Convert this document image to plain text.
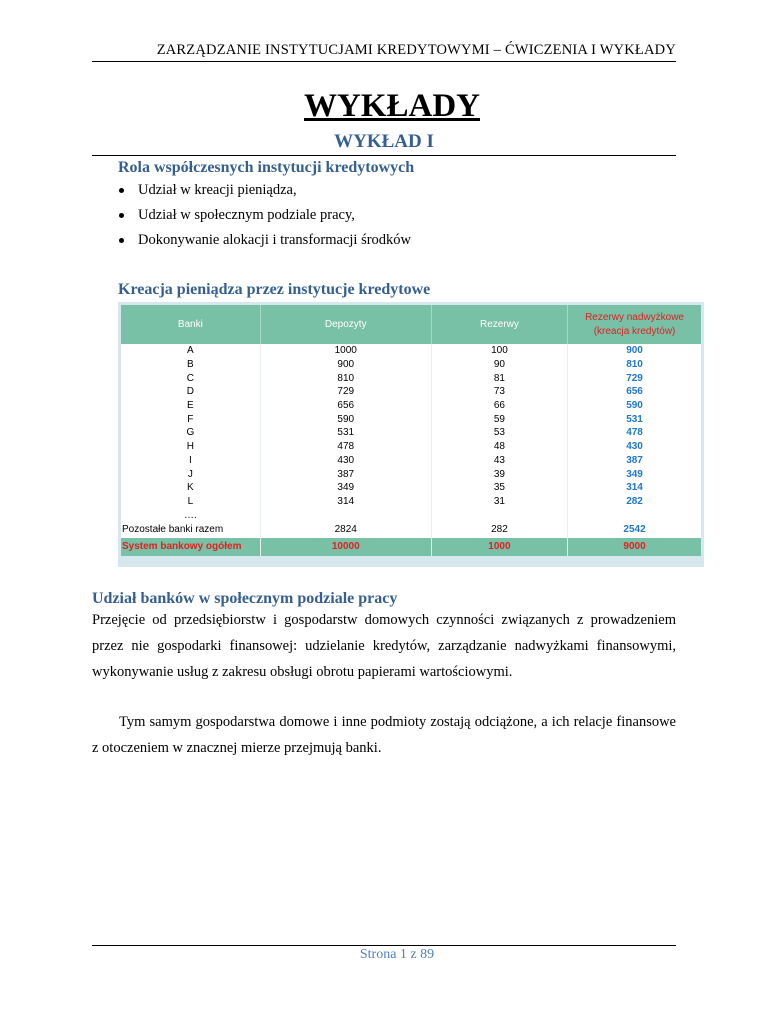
ZARZĄDZANIE INSTYTUCJAMI KREDYTOWYMI – ĆWICZENIA I WYKŁADY
WYKŁADY
WYKŁAD I
Rola współczesnych instytucji kredytowych
Udział w kreacji pieniądza,
Udział w społecznym podziale pracy,
Dokonywanie alokacji i transformacji środków
Kreacja pieniądza przez instytucje kredytowe
Banki	Depozyty	Rezerwy	Rezerwy nadwyżkowe
(kreacja kredytów)
A	1000	100	900
B	900	90	810
C	810	81	729
D	729	73	656
E	656	66	590
F	590	59	531
G	531	53	478
H	478	48	430
I	430	43	387
J	387	39	349
K	349	35	314
L	314	31	282
….			
Pozostałe banki razem	2824	282	2542
System bankowy ogółem	10000	1000	9000
Udział banków w społecznym podziale pracy
Przejęcie od przedsiębiorstw i gospodarstw domowych czynności związanych z prowadzeniem przez nie gospodarki finansowej: udzielanie kredytów, zarządzanie nadwyżkami finansowymi, wykonywanie usług z zakresu obsługi obrotu papierami wartościowymi.
Tym samym gospodarstwa domowe i inne podmioty zostają odciążone, a ich relacje finansowe z otoczeniem w znacznej mierze przejmują banki.
Strona 1 z 89
